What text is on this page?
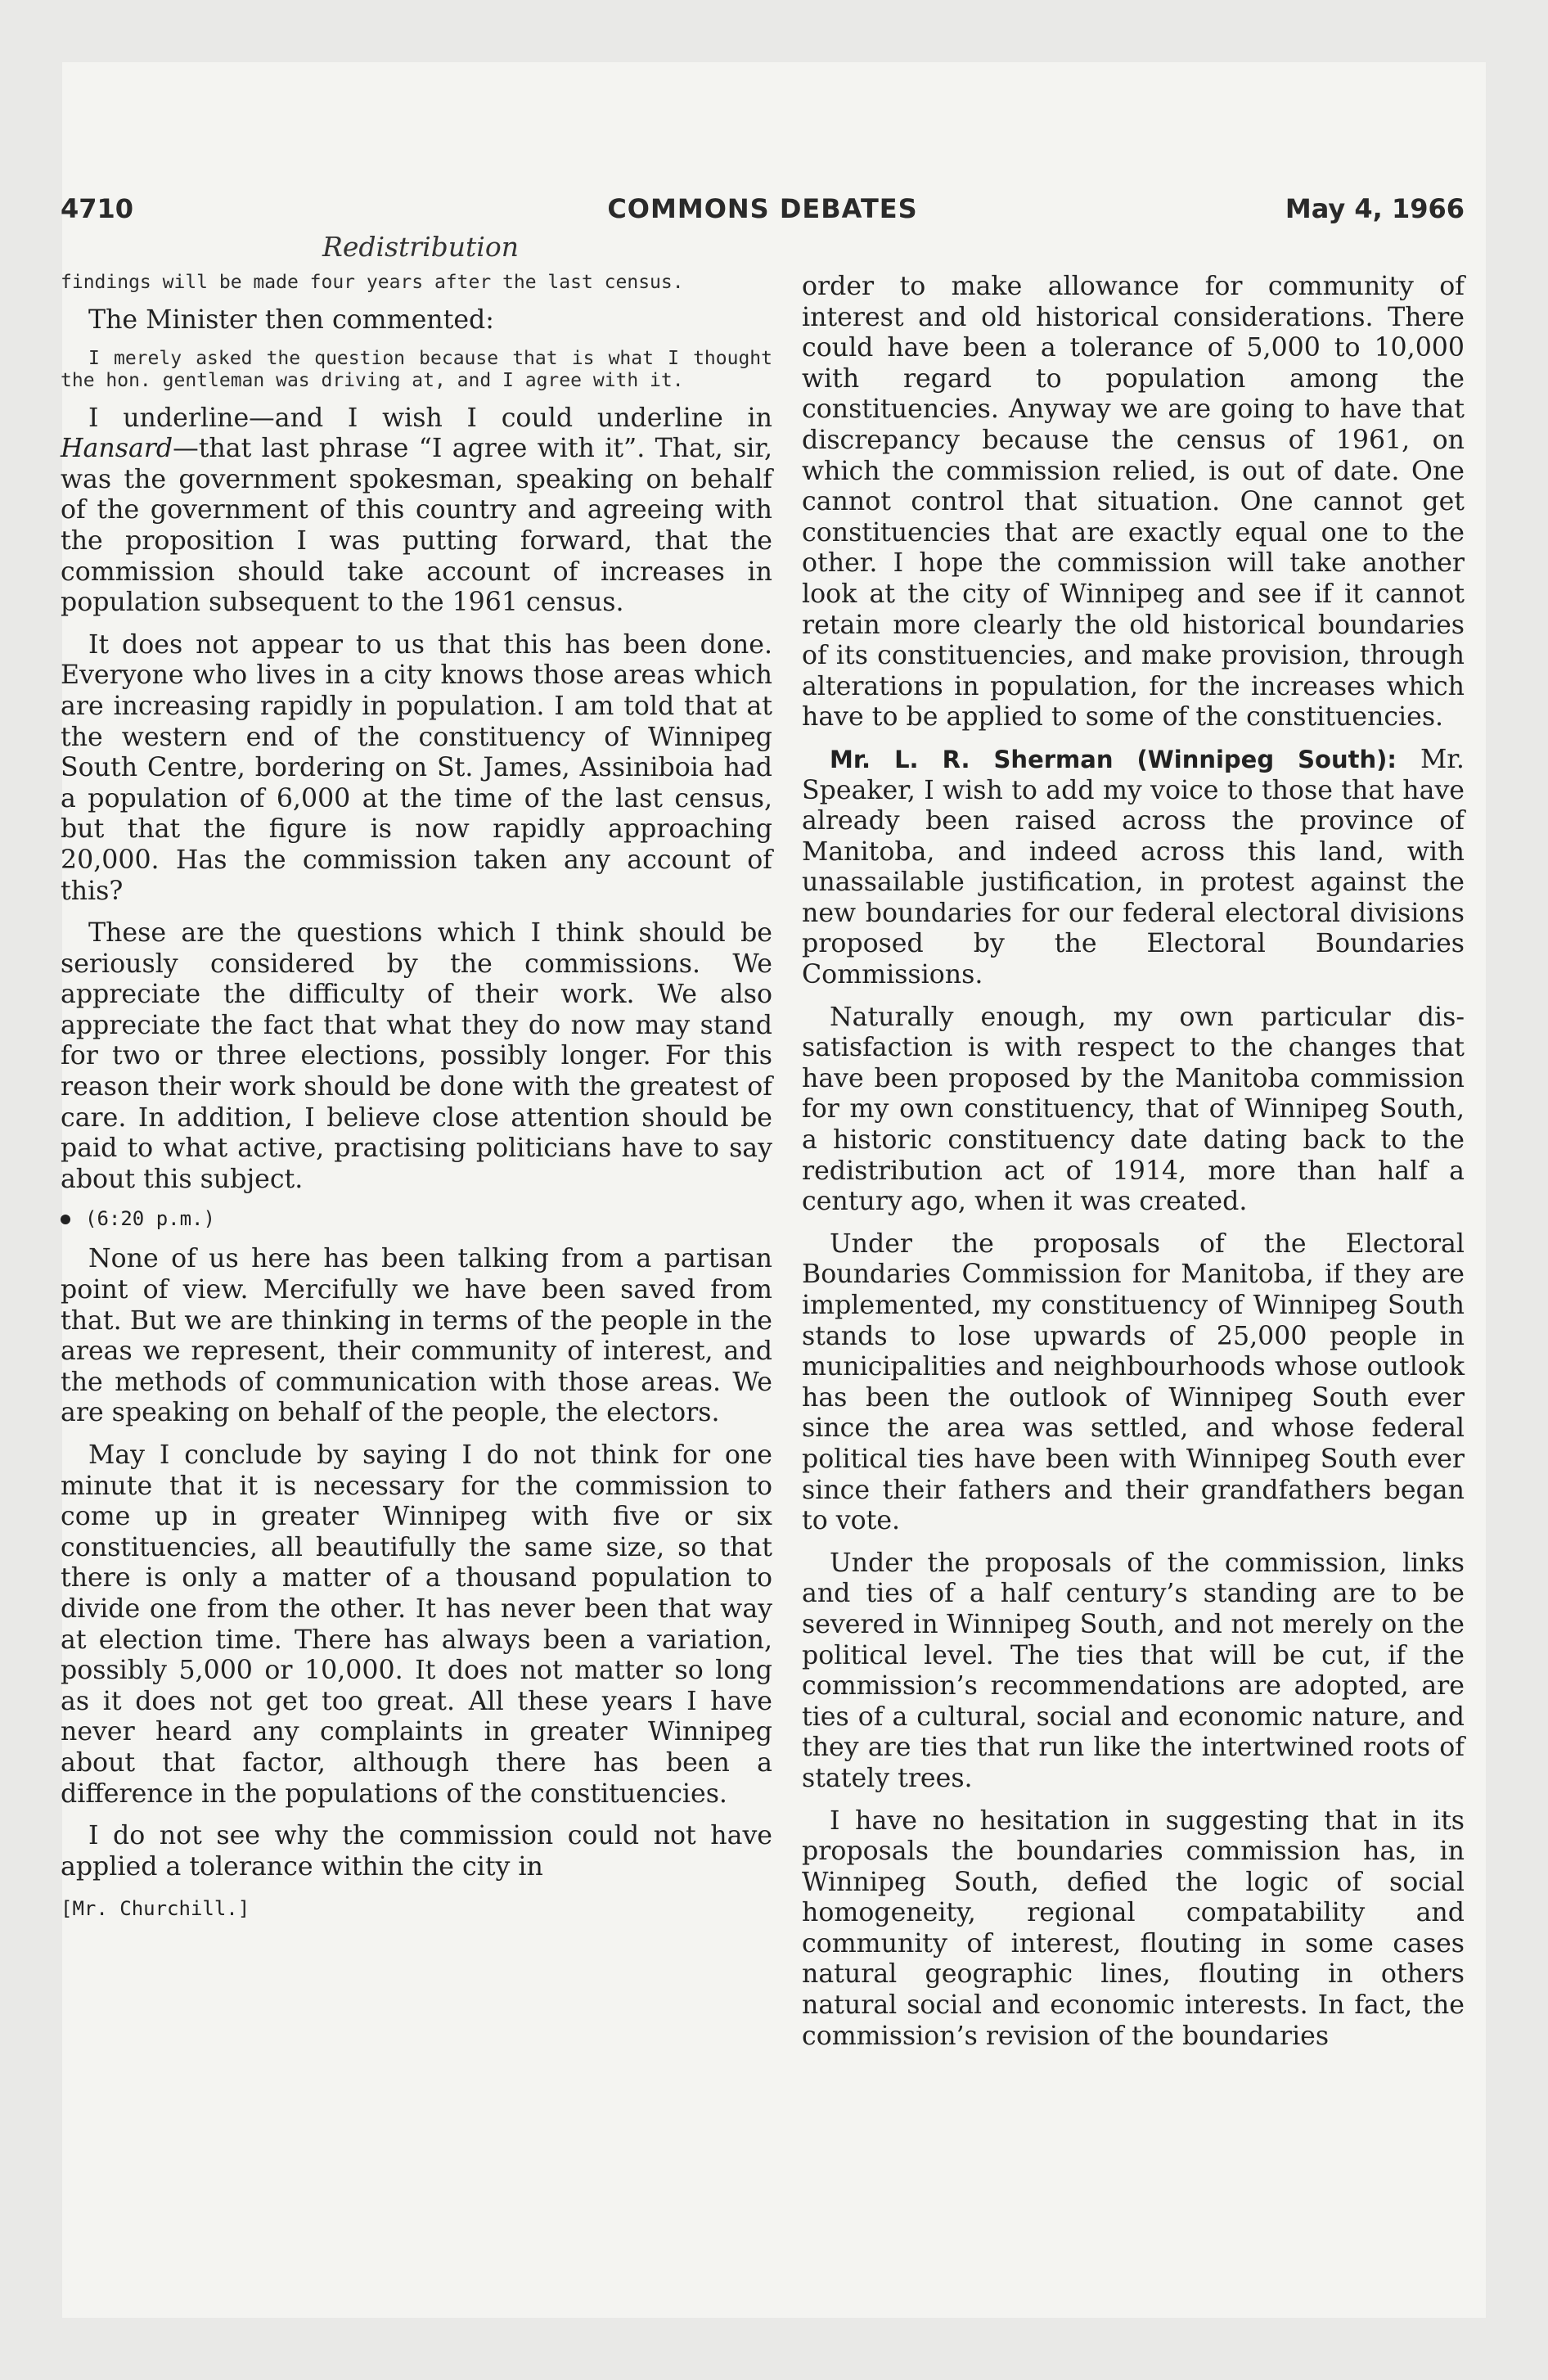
4710	COMMONS DEBATES	May 4, 1966
Redistribution

findings will be made four years after the last census.

The Minister then commented:

I merely asked the question because that is what I thought the hon. gentleman was driving at, and I agree with it.

I underline—and I wish I could underline in Hansard—that last phrase “I agree with it”. That, sir, was the government spokesman, speaking on behalf of the government of this country and agreeing with the proposition I was putting forward, that the commission should take account of increases in population subsequent to the 1961 census.

It does not appear to us that this has been done. Everyone who lives in a city knows those areas which are increasing rapidly in population. I am told that at the western end of the constituency of Winnipeg South Centre, bordering on St. James, Assiniboia had a population of 6,000 at the time of the last census, but that the figure is now rapidly approaching 20,000. Has the commission taken any account of this?

These are the questions which I think should be seriously considered by the commissions. We appreciate the difficulty of their work. We also appreciate the fact that what they do now may stand for two or three elections, possibly longer. For this reason their work should be done with the greatest of care. In addition, I believe close attention should be paid to what active, practising politicians have to say about this subject.

(6:20 p.m.)

None of us here has been talking from a partisan point of view. Mercifully we have been saved from that. But we are thinking in terms of the people in the areas we represent, their community of interest, and the methods of communication with those areas. We are speaking on behalf of the people, the electors.

May I conclude by saying I do not think for one minute that it is necessary for the commission to come up in greater Winnipeg with five or six constituencies, all beautifully the same size, so that there is only a matter of a thousand population to divide one from the other. It has never been that way at election time. There has always been a variation, possibly 5,000 or 10,000. It does not matter so long as it does not get too great. All these years I have never heard any complaints in greater Winnipeg about that factor, although there has been a difference in the populations of the constituencies.

I do not see why the commission could not have applied a tolerance within the city in

[Mr. Churchill.]

order to make allowance for community of interest and old historical considerations. There could have been a tolerance of 5,000 to 10,000 with regard to population among the constituencies. Anyway we are going to have that discrepancy because the census of 1961, on which the commission relied, is out of date. One cannot control that situation. One cannot get constituencies that are exactly equal one to the other. I hope the commission will take another look at the city of Winnipeg and see if it cannot retain more clearly the old historical boundaries of its constituencies, and make provision, through alterations in population, for the increases which have to be applied to some of the constituencies.

Mr. L. R. Sherman (Winnipeg South): Mr. Speaker, I wish to add my voice to those that have already been raised across the province of Manitoba, and indeed across this land, with unassailable justification, in protest against the new boundaries for our federal electoral divisions proposed by the Electoral Boundaries Commissions.

Naturally enough, my own particular dissatisfaction is with respect to the changes that have been proposed by the Manitoba commission for my own constituency, that of Winnipeg South, a historic constituency date dating back to the redistribution act of 1914, more than half a century ago, when it was created.

Under the proposals of the Electoral Boundaries Commission for Manitoba, if they are implemented, my constituency of Winnipeg South stands to lose upwards of 25,000 people in municipalities and neighbourhoods whose outlook has been the outlook of Winnipeg South ever since the area was settled, and whose federal political ties have been with Winnipeg South ever since their fathers and their grandfathers began to vote.

Under the proposals of the commission, links and ties of a half century’s standing are to be severed in Winnipeg South, and not merely on the political level. The ties that will be cut, if the commission’s recommendations are adopted, are ties of a cultural, social and economic nature, and they are ties that run like the intertwined roots of stately trees.

I have no hesitation in suggesting that in its proposals the boundaries commission has, in Winnipeg South, defied the logic of social homogeneity, regional compatability and community of interest, flouting in some cases natural geographic lines, flouting in others natural social and economic interests. In fact, the commission’s revision of the boundaries
